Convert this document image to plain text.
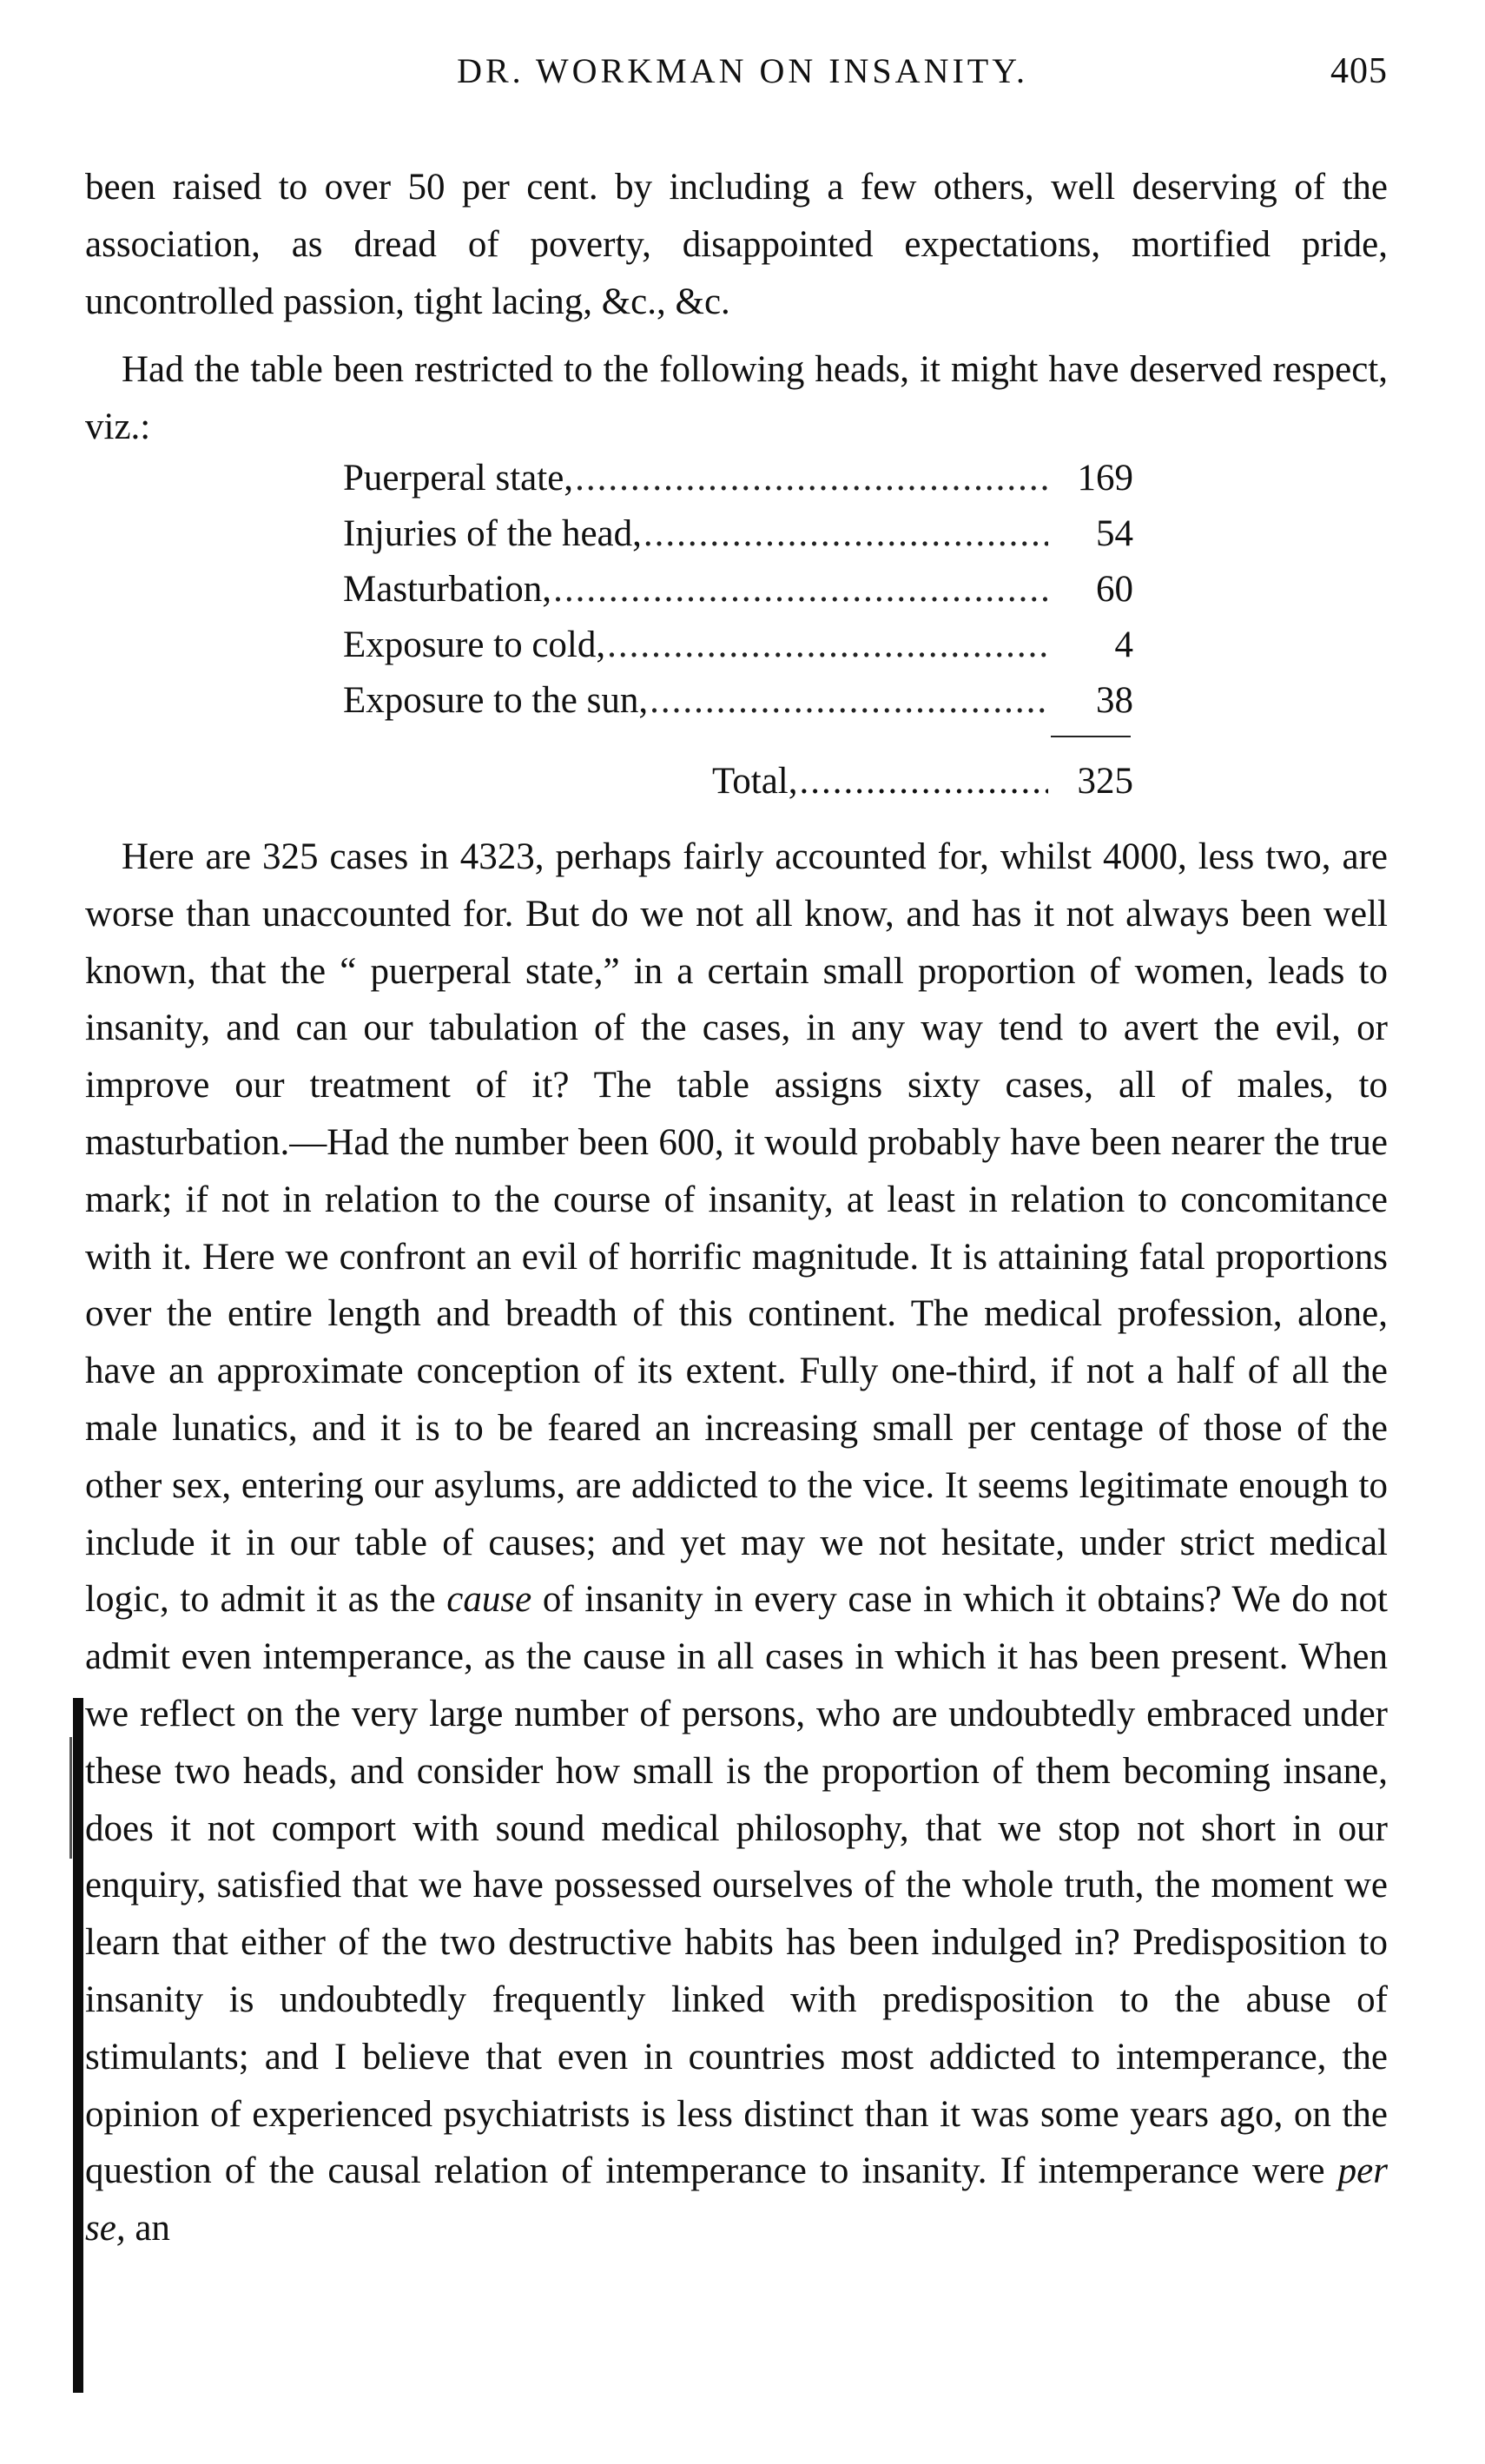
DR. WORKMAN ON INSANITY.	405

been raised to over 50 per cent. by including a few others, well deserving of the association, as dread of poverty, disappointed expectations, mortified pride, uncontrolled passion, tight lacing, &c., &c.

Had the table been restricted to the following heads, it might have deserved respect, viz.:

Puerperal state, .....	169
Injuries of the head, .....	54
Masturbation, .....	60
Exposure to cold, .....	4
Exposure to the sun, .....	38
Total, .....	325

Here are 325 cases in 4323, perhaps fairly accounted for, whilst 4000, less two, are worse than unaccounted for. But do we not all know, and has it not always been well known, that the “ puerperal state,” in a certain small proportion of women, leads to insanity, and can our tabulation of the cases, in any way tend to avert the evil, or improve our treatment of it? The table assigns sixty cases, all of males, to masturbation.—Had the number been 600, it would probably have been nearer the true mark; if not in relation to the course of insanity, at least in relation to concomitance with it. Here we confront an evil of horrific magnitude. It is attaining fatal proportions over the entire length and breadth of this continent. The medical profession, alone, have an approximate conception of its extent. Fully one-third, if not a half of all the male lunatics, and it is to be feared an increasing small per centage of those of the other sex, entering our asylums, are addicted to the vice. It seems legitimate enough to include it in our table of causes; and yet may we not hesitate, under strict medical logic, to admit it as the cause of insanity in every case in which it obtains? We do not admit even intemperance, as the cause in all cases in which it has been present. When we reflect on the very large number of persons, who are undoubtedly embraced under these two heads, and consider how small is the proportion of them becoming insane, does it not comport with sound medical philosophy, that we stop not short in our enquiry, satisfied that we have possessed ourselves of the whole truth, the moment we learn that either of the two destructive habits has been indulged in? Predisposition to insanity is undoubtedly frequently linked with predisposition to the abuse of stimulants; and I believe that even in countries most addicted to intemperance, the opinion of experienced psychiatrists is less distinct than it was some years ago, on the question of the causal relation of intemperance to insanity. If intemperance were per se, an
